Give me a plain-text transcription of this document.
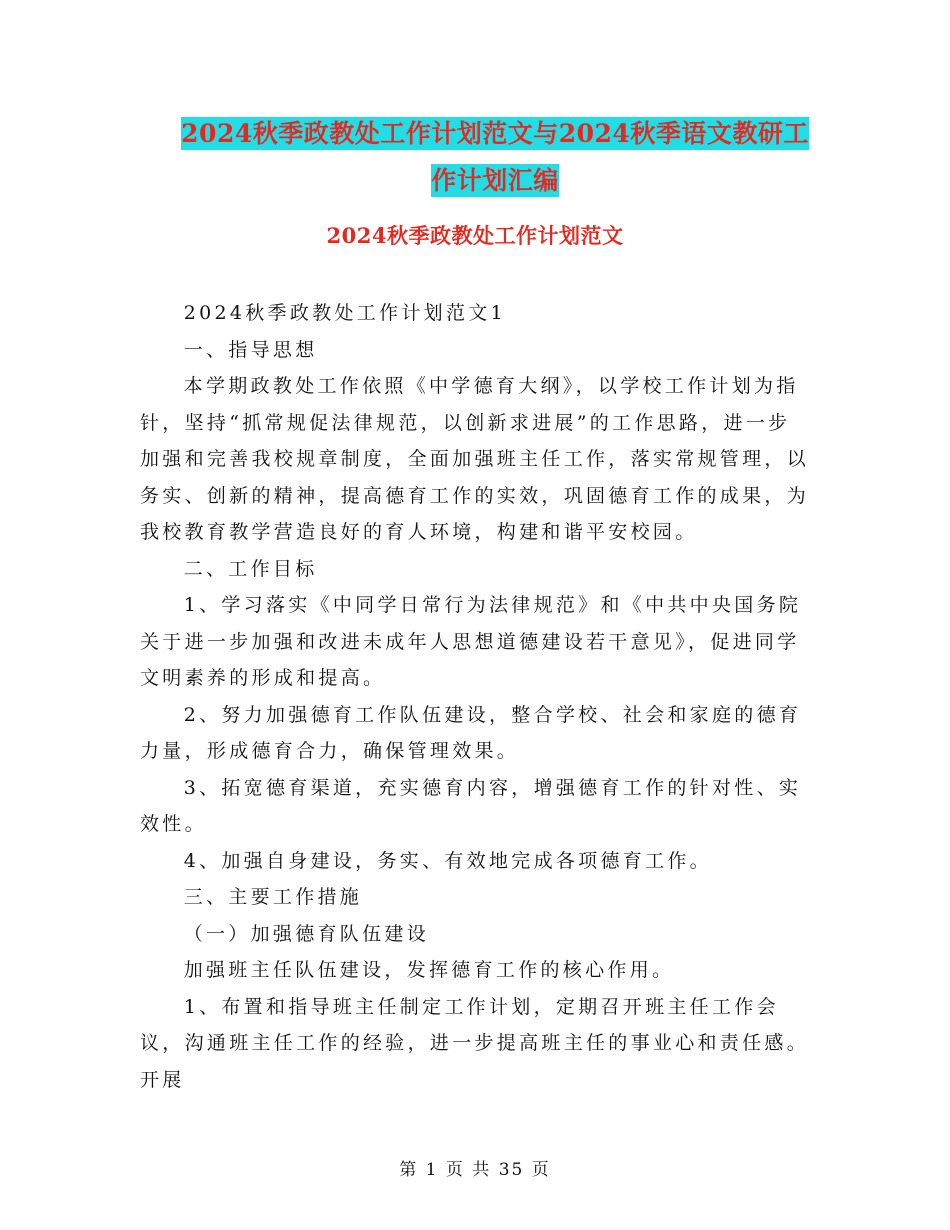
2024秋季政教处工作计划范文与2024秋季语文教研工
作计划汇编
2024秋季政教处工作计划范文

2024秋季政教处工作计划范文1

一、指导思想

本学期政教处工作依照《中学德育大纲》，以学校工作计划为指针，坚持“抓常规促法律规范，以创新求进展”的工作思路，进一步加强和完善我校规章制度，全面加强班主任工作，落实常规管理，以务实、创新的精神，提高德育工作的实效，巩固德育工作的成果，为我校教育教学营造良好的育人环境，构建和谐平安校园。

二、工作目标

1、学习落实《中同学日常行为法律规范》和《中共中央国务院关于进一步加强和改进未成年人思想道德建设若干意见》，促进同学文明素养的形成和提高。

2、努力加强德育工作队伍建设，整合学校、社会和家庭的德育力量，形成德育合力，确保管理效果。

3、拓宽德育渠道，充实德育内容，增强德育工作的针对性、实效性。

4、加强自身建设，务实、有效地完成各项德育工作。

三、主要工作措施

（一）加强德育队伍建设

加强班主任队伍建设，发挥德育工作的核心作用。

1、布置和指导班主任制定工作计划，定期召开班主任工作会议，沟通班主任工作的经验，进一步提高班主任的事业心和责任感。开展

第 1 页 共 35 页
